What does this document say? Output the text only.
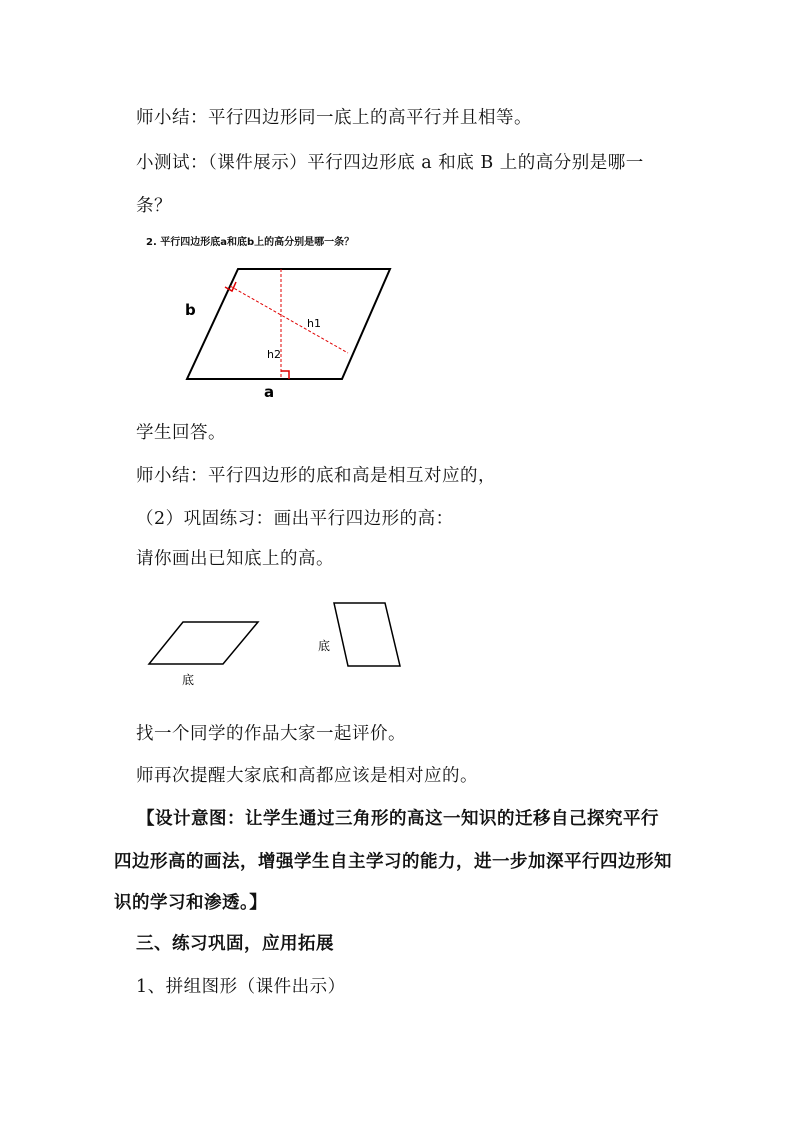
师小结：平行四边形同一底上的高平行并且相等。
小测试：（课件展示）平行四边形底 a 和底 B 上的高分别是哪一
条？
2. 平行四边形底a和底b上的高分别是哪一条？
b
a
h1
h2
学生回答。
师小结：平行四边形的底和高是相互对应的，
（2）巩固练习：画出平行四边形的高：
请你画出已知底上的高。
底
底
找一个同学的作品大家一起评价。
师再次提醒大家底和高都应该是相对应的。
【设计意图：让学生通过三角形的高这一知识的迁移自己探究平行
四边形高的画法，增强学生自主学习的能力，进一步加深平行四边形知
识的学习和渗透。】
三、练习巩固，应用拓展
1、拼组图形（课件出示）
